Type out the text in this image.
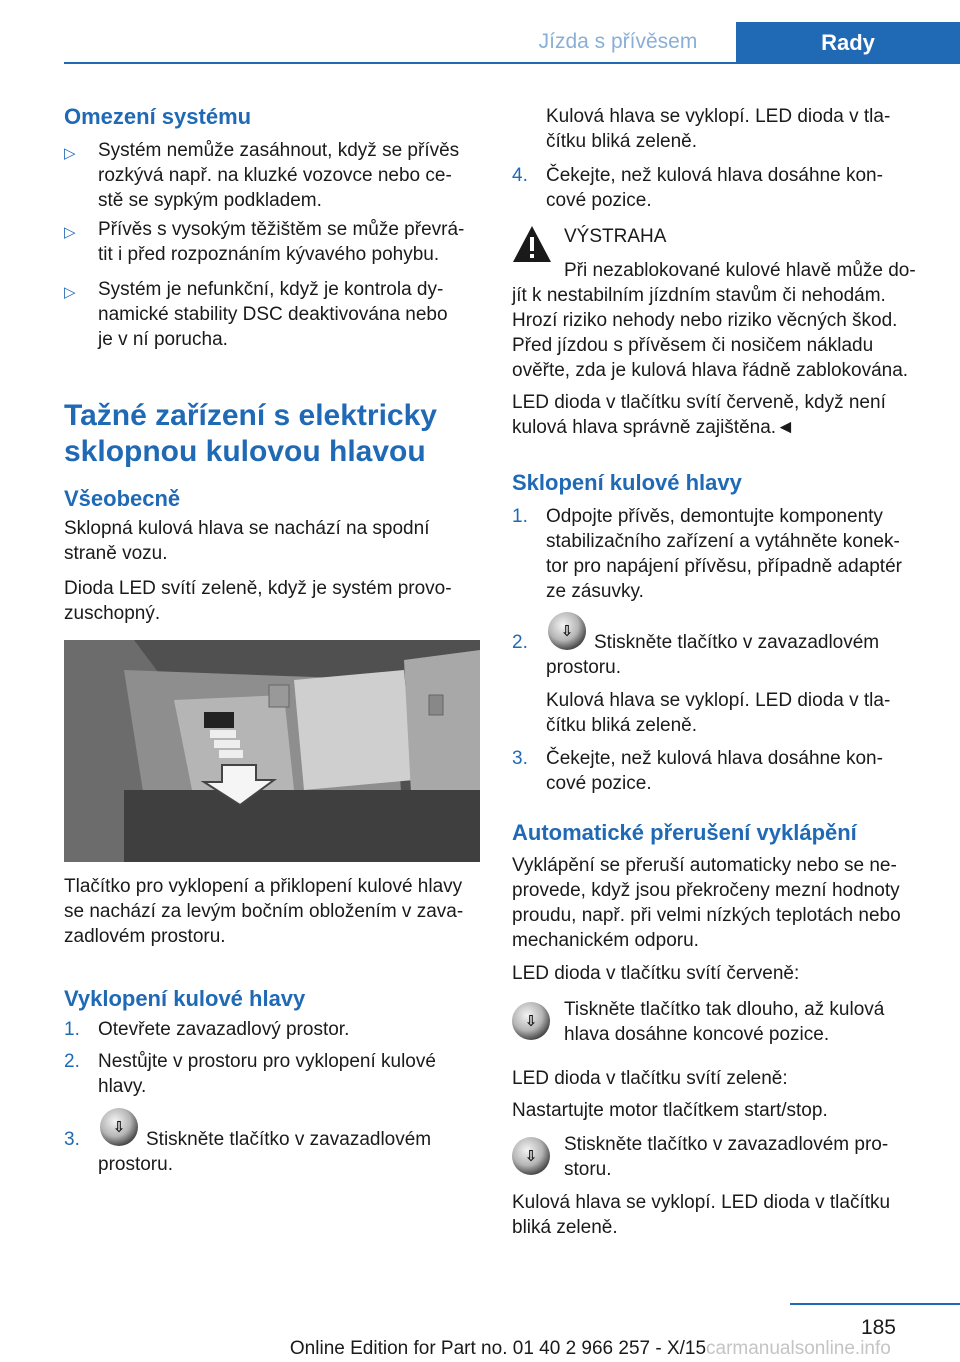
Jízda s přívěsem	Rady
Omezení systému
▷ Systém nemůže zasáhnout, když se přívěs
rozkývá např. na kluzké vozovce nebo ce-
stě se sypkým podkladem.
▷ Přívěs s vysokým těžištěm se může převrá-
tit i před rozpoznáním kývavého pohybu.
▷ Systém je nefunkční, když je kontrola dy-
namické stability DSC deaktivována nebo
je v ní porucha.
Tažné zařízení s elektricky
sklopnou kulovou hlavou
Všeobecně
Sklopná kulová hlava se nachází na spodní
straně vozu.
Dioda LED svítí zeleně, když je systém provo-
zuschopný.
Tlačítko pro vyklopení a přiklopení kulové hlavy
se nachází za levým bočním obložením v zava-
zadlovém prostoru.
Vyklopení kulové hlavy
1. Otevřete zavazadlový prostor.
2. Nestůjte v prostoru pro vyklopení kulové
hlavy.
3.
⇩
Stiskněte tlačítko v zavazadlovém
prostoru.
Kulová hlava se vyklopí. LED dioda v tla-
čítku bliká zeleně.
4. Čekejte, než kulová hlava dosáhne kon-
cové pozice.
VÝSTRAHA
Při nezablokované kulové hlavě může do-
jít k nestabilním jízdním stavům či nehodám.
Hrozí riziko nehody nebo riziko věcných škod.
Před jízdou s přívěsem či nosičem nákladu
ověřte, zda je kulová hlava řádně zablokována.
LED dioda v tlačítku svítí červeně, když není
kulová hlava správně zajištěna.◄
Sklopení kulové hlavy
1. Odpojte přívěs, demontujte komponenty
stabilizačního zařízení a vytáhněte konek-
tor pro napájení přívěsu, případně adaptér
ze zásuvky.
2.
⇩
Stiskněte tlačítko v zavazadlovém
prostoru.
Kulová hlava se vyklopí. LED dioda v tla-
čítku bliká zeleně.
3. Čekejte, než kulová hlava dosáhne kon-
cové pozice.
Automatické přerušení vyklápění
Vyklápění se přeruší automaticky nebo se ne-
provede, když jsou překročeny mezní hodnoty
proudu, např. při velmi nízkých teplotách nebo
mechanickém odporu.
LED dioda v tlačítku svítí červeně:
⇩
Tiskněte tlačítko tak dlouho, až kulová
hlava dosáhne koncové pozice.
LED dioda v tlačítku svítí zeleně:
Nastartujte motor tlačítkem start/stop.
⇩
Stiskněte tlačítko v zavazadlovém pro-
storu.
Kulová hlava se vyklopí. LED dioda v tlačítku
bliká zeleně.
185
Online Edition for Part no. 01 40 2 966 257 - X/15 carmanualsonline.info
